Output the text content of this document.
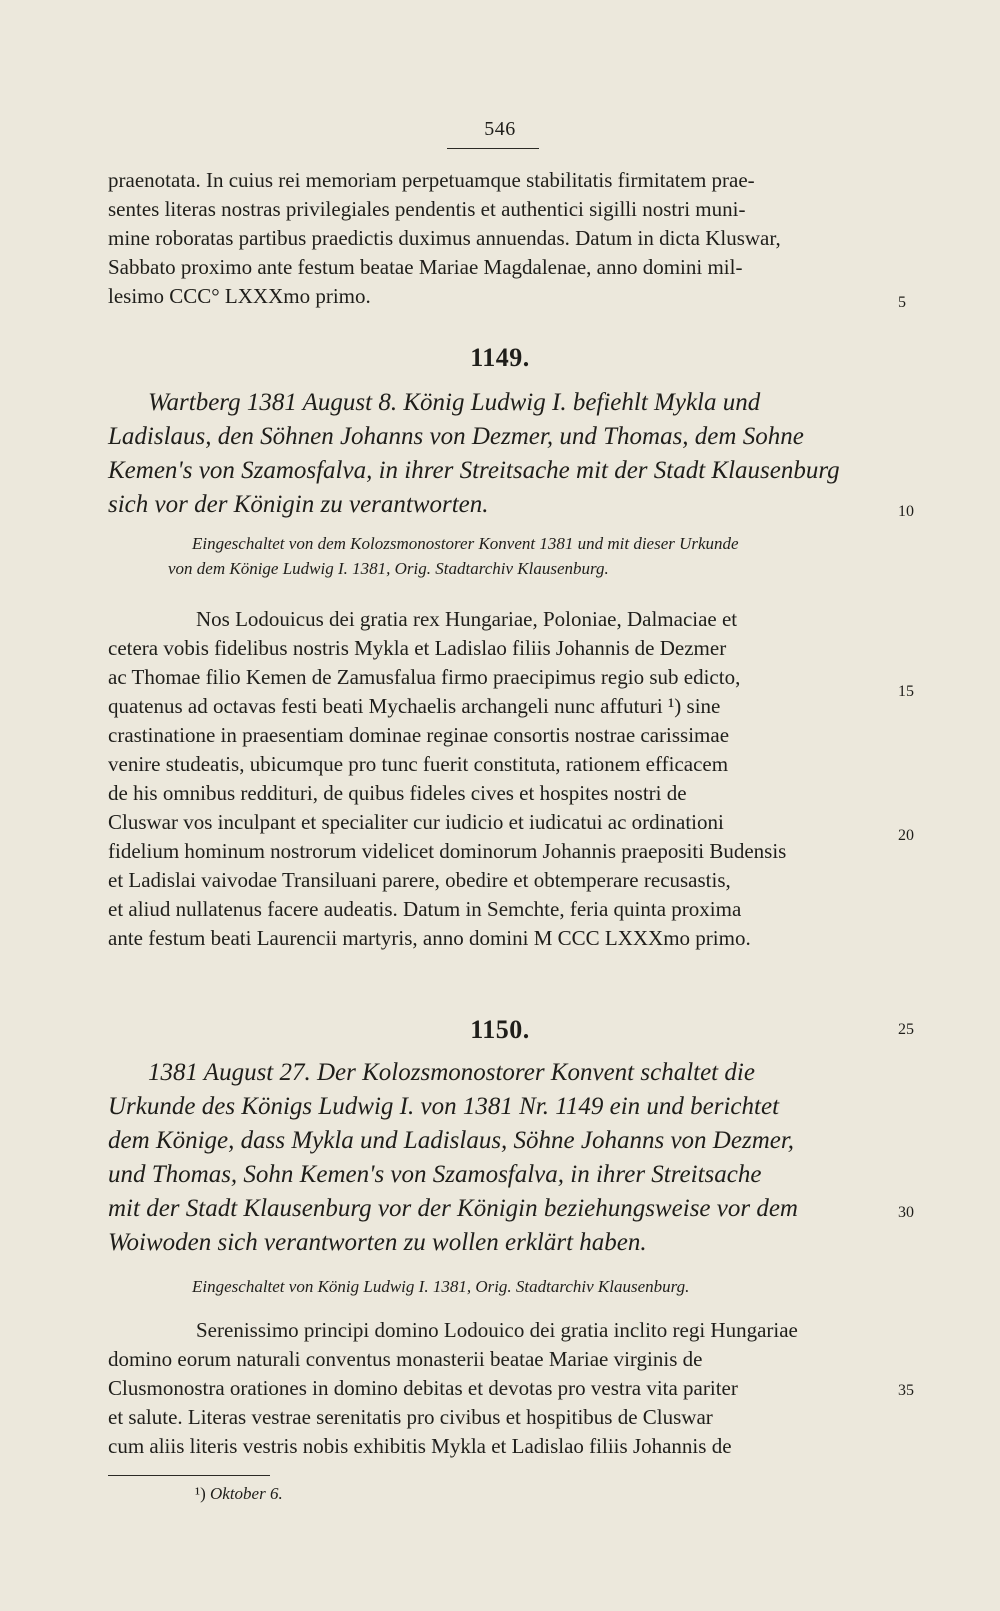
546

praenotata. In cuius rei memoriam perpetuamque stabilitatis firmitatem prae-

sentes literas nostras privilegiales pendentis et authentici sigilli nostri muni-

mine roboratas partibus praedictis duximus annuendas. Datum in dicta Kluswar,

Sabbato proximo ante festum beatae Mariae Magdalenae, anno domini mil-

lesimo CCC° LXXXmo primo.

1149.

Wartberg 1381 August 8. König Ludwig I. befiehlt Mykla und

Ladislaus, den Söhnen Johanns von Dezmer, und Thomas, dem Sohne

Kemen's von Szamosfalva, in ihrer Streitsache mit der Stadt Klausenburg

sich vor der Königin zu verantworten.

Eingeschaltet von dem Kolozsmonostorer Konvent 1381 und mit dieser Urkunde

von dem Könige Ludwig I. 1381, Orig. Stadtarchiv Klausenburg.

Nos Lodouicus dei gratia rex Hungariae, Poloniae, Dalmaciae et

cetera vobis fidelibus nostris Mykla et Ladislao filiis Johannis de Dezmer

ac Thomae filio Kemen de Zamusfalua firmo praecipimus regio sub edicto,

quatenus ad octavas festi beati Mychaelis archangeli nunc affuturi ¹) sine

crastinatione in praesentiam dominae reginae consortis nostrae carissimae

venire studeatis, ubicumque pro tunc fuerit constituta, rationem efficacem

de his omnibus reddituri, de quibus fideles cives et hospites nostri de

Cluswar vos inculpant et specialiter cur iudicio et iudicatui ac ordinationi

fidelium hominum nostrorum videlicet dominorum Johannis praepositi Budensis

et Ladislai vaivodae Transiluani parere, obedire et obtemperare recusastis,

et aliud nullatenus facere audeatis. Datum in Semchte, feria quinta proxima

ante festum beati Laurencii martyris, anno domini M CCC LXXXmo primo.

1150.

1381 August 27. Der Kolozsmonostorer Konvent schaltet die

Urkunde des Königs Ludwig I. von 1381 Nr. 1149 ein und berichtet

dem Könige, dass Mykla und Ladislaus, Söhne Johanns von Dezmer,

und Thomas, Sohn Kemen's von Szamosfalva, in ihrer Streitsache

mit der Stadt Klausenburg vor der Königin beziehungsweise vor dem

Woiwoden sich verantworten zu wollen erklärt haben.

Eingeschaltet von König Ludwig I. 1381, Orig. Stadtarchiv Klausenburg.

Serenissimo principi domino Lodouico dei gratia inclito regi Hungariae

domino eorum naturali conventus monasterii beatae Mariae virginis de

Clusmonostra orationes in domino debitas et devotas pro vestra vita pariter

et salute. Literas vestrae serenitatis pro civibus et hospitibus de Cluswar

cum aliis literis vestris nobis exhibitis Mykla et Ladislao filiis Johannis de

5
10
15
20
25
30
35
¹) Oktober 6.
